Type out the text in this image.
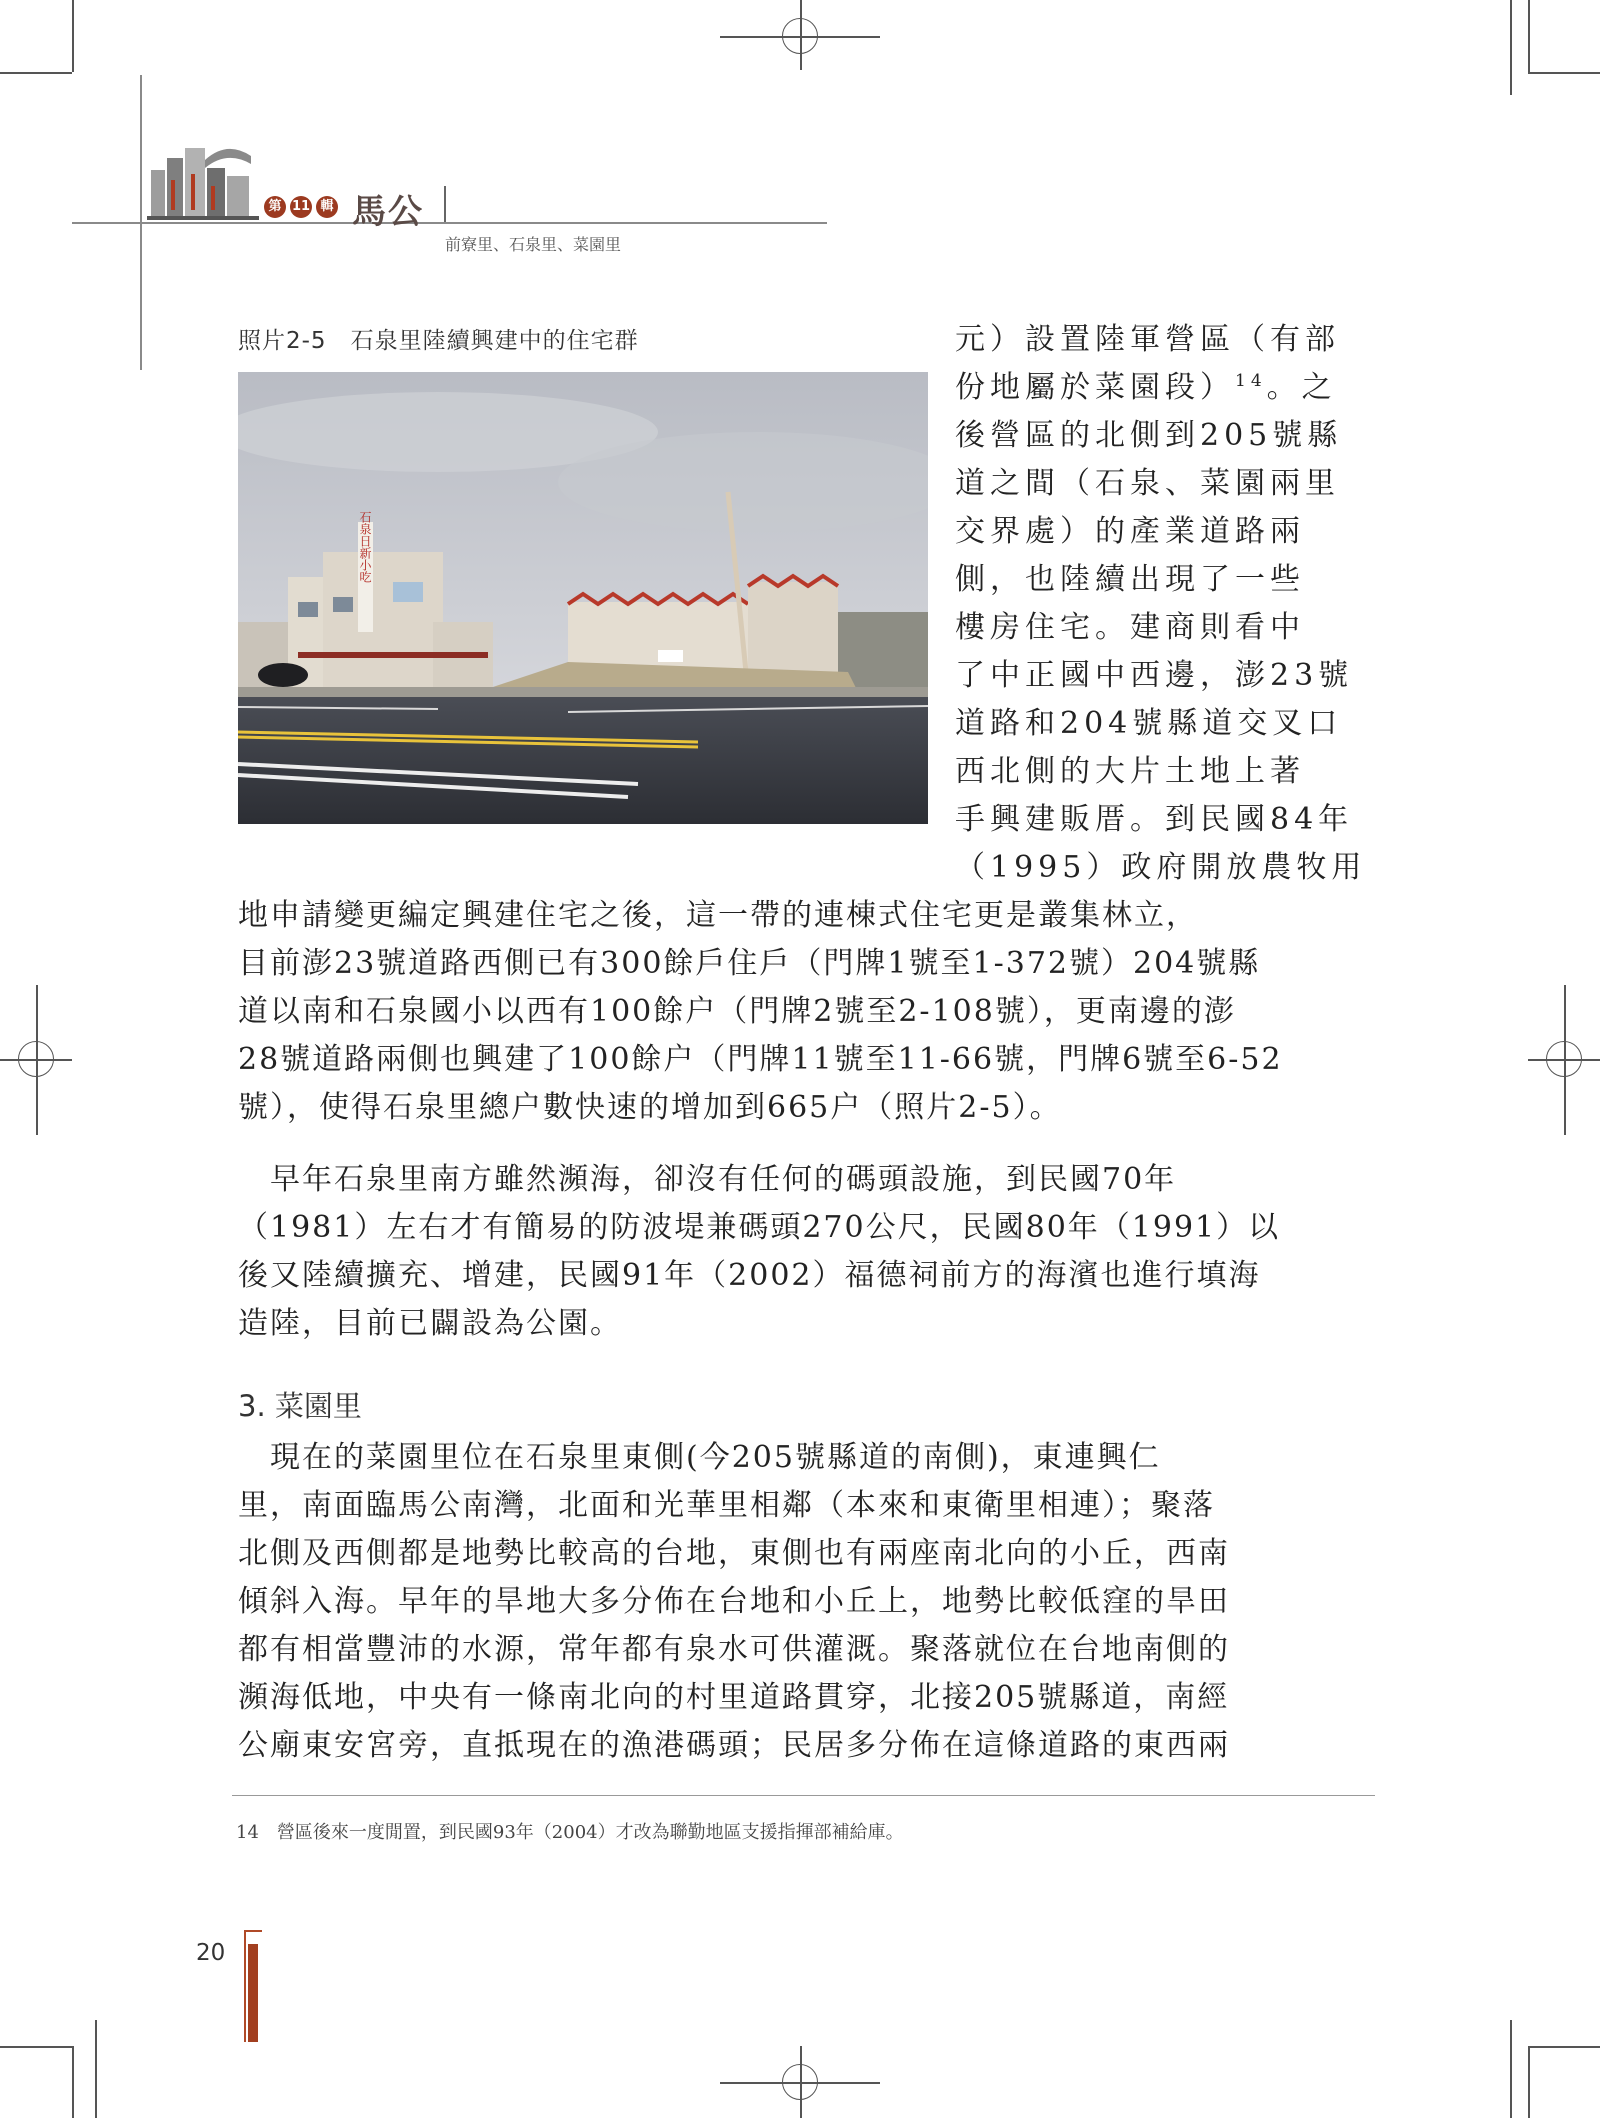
第 11 輯 馬公
前寮里、石泉里、菜園里
照片2-5　石泉里陸續興建中的住宅群
石泉日新小吃
元）設置陸軍營區（有部
份地屬於菜園段）$^{14}$。之
後營區的北側到205號縣
道之間（石泉、菜園兩里
交界處）的產業道路兩
側，也陸續出現了一些
樓房住宅。建商則看中
了中正國中西邊，澎23號
道路和204號縣道交叉口
西北側的大片土地上著
手興建販厝。到民國84年
（1995）政府開放農牧用
地申請變更編定興建住宅之後，這一帶的連棟式住宅更是叢集林立，
目前澎23號道路西側已有300餘戶住戶（門牌1號至1-372號）204號縣
道以南和石泉國小以西有100餘户（門牌2號至2-108號），更南邊的澎
28號道路兩側也興建了100餘户（門牌11號至11-66號，門牌6號至6-52
號），使得石泉里總户數快速的增加到665户（照片2-5）。
　早年石泉里南方雖然瀕海，卻沒有任何的碼頭設施，到民國70年
（1981）左右才有簡易的防波堤兼碼頭270公尺，民國80年（1991）以
後又陸續擴充、增建，民國91年（2002）福德祠前方的海濱也進行填海
造陸，目前已闢設為公園。
3. 菜園里
　現在的菜園里位在石泉里東側(今205號縣道的南側)，東連興仁
里，南面臨馬公南灣，北面和光華里相鄰（本來和東衛里相連）；聚落
北側及西側都是地勢比較高的台地，東側也有兩座南北向的小丘，西南
傾斜入海。早年的旱地大多分佈在台地和小丘上，地勢比較低窪的旱田
都有相當豐沛的水源，常年都有泉水可供灌溉。聚落就位在台地南側的
瀕海低地，中央有一條南北向的村里道路貫穿，北接205號縣道，南經
公廟東安宮旁，直抵現在的漁港碼頭；民居多分佈在這條道路的東西兩
14　營區後來一度閒置，到民國93年（2004）才改為聯勤地區支援指揮部補給庫。
20
